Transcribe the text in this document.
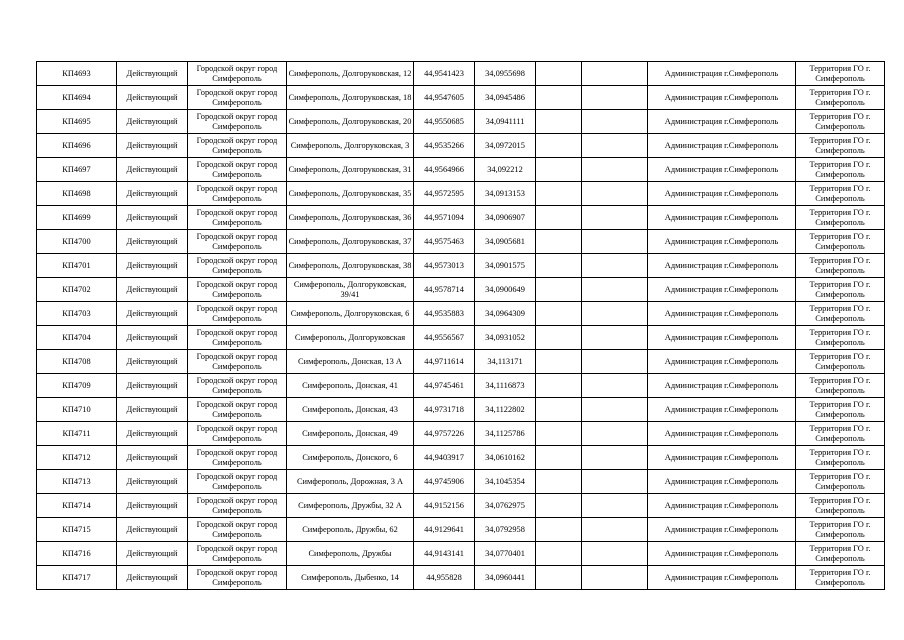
КП4693	Действующий	Городской округ город Симферополь	Симферополь, Долгоруковская, 12	44,9541423	34,0955698			Администрация г.Симферополь	Территория ГО г. Симферополь
КП4694	Действующий	Городской округ город Симферополь	Симферополь, Долгоруковская, 18	44,9547605	34,0945486			Администрация г.Симферополь	Территория ГО г. Симферополь
КП4695	Действующий	Городской округ город Симферополь	Симферополь, Долгоруковская, 20	44,9550685	34,0941111			Администрация г.Симферополь	Территория ГО г. Симферополь
КП4696	Действующий	Городской округ город Симферополь	Симферополь, Долгоруковская, 3	44,9535266	34,0972015			Администрация г.Симферополь	Территория ГО г. Симферополь
КП4697	Действующий	Городской округ город Симферополь	Симферополь, Долгоруковская, 31	44,9564966	34,092212			Администрация г.Симферополь	Территория ГО г. Симферополь
КП4698	Действующий	Городской округ город Симферополь	Симферополь, Долгоруковская, 35	44,9572595	34,0913153			Администрация г.Симферополь	Территория ГО г. Симферополь
КП4699	Действующий	Городской округ город Симферополь	Симферополь, Долгоруковская, 36	44,9571094	34,0906907			Администрация г.Симферополь	Территория ГО г. Симферополь
КП4700	Действующий	Городской округ город Симферополь	Симферополь, Долгоруковская, 37	44,9575463	34,0905681			Администрация г.Симферополь	Территория ГО г. Симферополь
КП4701	Действующий	Городской округ город Симферополь	Симферополь, Долгоруковская, 38	44,9573013	34,0901575			Администрация г.Симферополь	Территория ГО г. Симферополь
КП4702	Действующий	Городской округ город Симферополь	Симферополь, Долгоруковская, 39/41	44,9578714	34,0900649			Администрация г.Симферополь	Территория ГО г. Симферополь
КП4703	Действующий	Городской округ город Симферополь	Симферополь, Долгоруковская, 6	44,9535883	34,0964309			Администрация г.Симферополь	Территория ГО г. Симферополь
КП4704	Действующий	Городской округ город Симферополь	Симферополь, Долгоруковская	44,9556567	34,0931052			Администрация г.Симферополь	Территория ГО г. Симферополь
КП4708	Действующий	Городской округ город Симферополь	Симферополь, Донская, 13 А	44,9711614	34,113171			Администрация г.Симферополь	Территория ГО г. Симферополь
КП4709	Действующий	Городской округ город Симферополь	Симферополь, Донская, 41	44,9745461	34,1116873			Администрация г.Симферополь	Территория ГО г. Симферополь
КП4710	Действующий	Городской округ город Симферополь	Симферополь, Донская, 43	44,9731718	34,1122802			Администрация г.Симферополь	Территория ГО г. Симферополь
КП4711	Действующий	Городской округ город Симферополь	Симферополь, Донская, 49	44,9757226	34,1125786			Администрация г.Симферополь	Территория ГО г. Симферополь
КП4712	Действующий	Городской округ город Симферополь	Симферополь, Донского, 6	44,9403917	34,0610162			Администрация г.Симферополь	Территория ГО г. Симферополь
КП4713	Действующий	Городской округ город Симферополь	Симферополь, Дорожная, 3 А	44,9745906	34,1045354			Администрация г.Симферополь	Территория ГО г. Симферополь
КП4714	Действующий	Городской округ город Симферополь	Симферополь, Дружбы, 32 А	44,9152156	34,0762975			Администрация г.Симферополь	Территория ГО г. Симферополь
КП4715	Действующий	Городской округ город Симферополь	Симферополь, Дружбы, 62	44,9129641	34,0792958			Администрация г.Симферополь	Территория ГО г. Симферополь
КП4716	Действующий	Городской округ город Симферополь	Симферополь, Дружбы	44,9143141	34,0770401			Администрация г.Симферополь	Территория ГО г. Симферополь
КП4717	Действующий	Городской округ город Симферополь	Симферополь, Дыбенко, 14	44,955828	34,0960441			Администрация г.Симферополь	Территория ГО г. Симферополь
